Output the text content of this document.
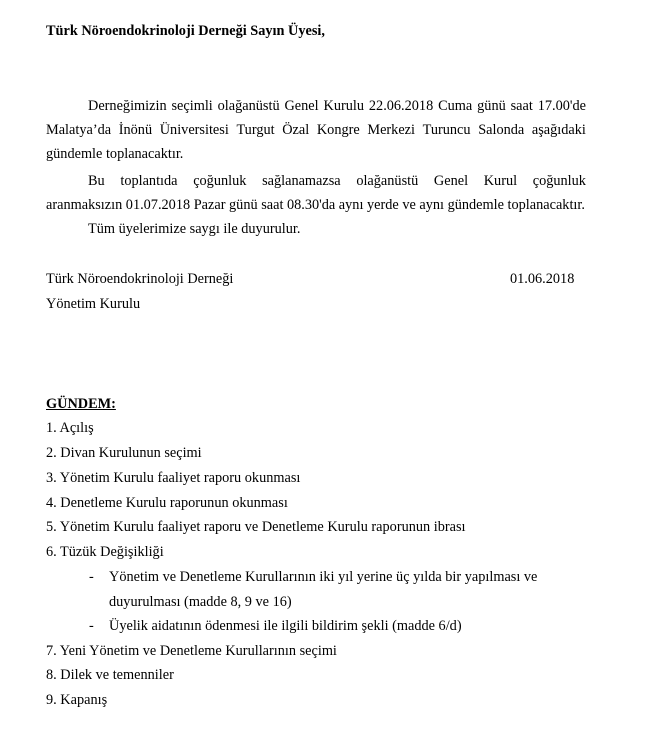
Türk Nöroendokrinoloji Derneği Sayın Üyesi,
Derneğimizin seçimli olağanüstü Genel Kurulu 22.06.2018 Cuma günü saat 17.00'de
Malatya’da İnönü Üniversitesi Turgut Özal Kongre Merkezi Turuncu Salonda aşağıdaki
gündemle toplanacaktır.
Bu toplantıda çoğunluk sağlanamazsa olağanüstü Genel Kurul çoğunluk
aranmaksızın 01.07.2018 Pazar günü saat 08.30'da aynı yerde ve aynı gündemle toplanacaktır.
Tüm üyelerimize saygı ile duyurulur.
Türk Nöroendokrinoloji Derneği	01.06.2018
Yönetim Kurulu
GÜNDEM:
1. Açılış
2. Divan Kurulunun seçimi
3. Yönetim Kurulu faaliyet raporu okunması
4. Denetleme Kurulu raporunun okunması
5. Yönetim Kurulu faaliyet raporu ve Denetleme Kurulu raporunun ibrası
6. Tüzük Değişikliği
- Yönetim ve Denetleme Kurullarının iki yıl yerine üç yılda bir yapılması ve
duyurulması (madde 8, 9 ve 16)
- Üyelik aidatının ödenmesi ile ilgili bildirim şekli (madde 6/d)
7. Yeni Yönetim ve Denetleme Kurullarının seçimi
8. Dilek ve temenniler
9. Kapanış
